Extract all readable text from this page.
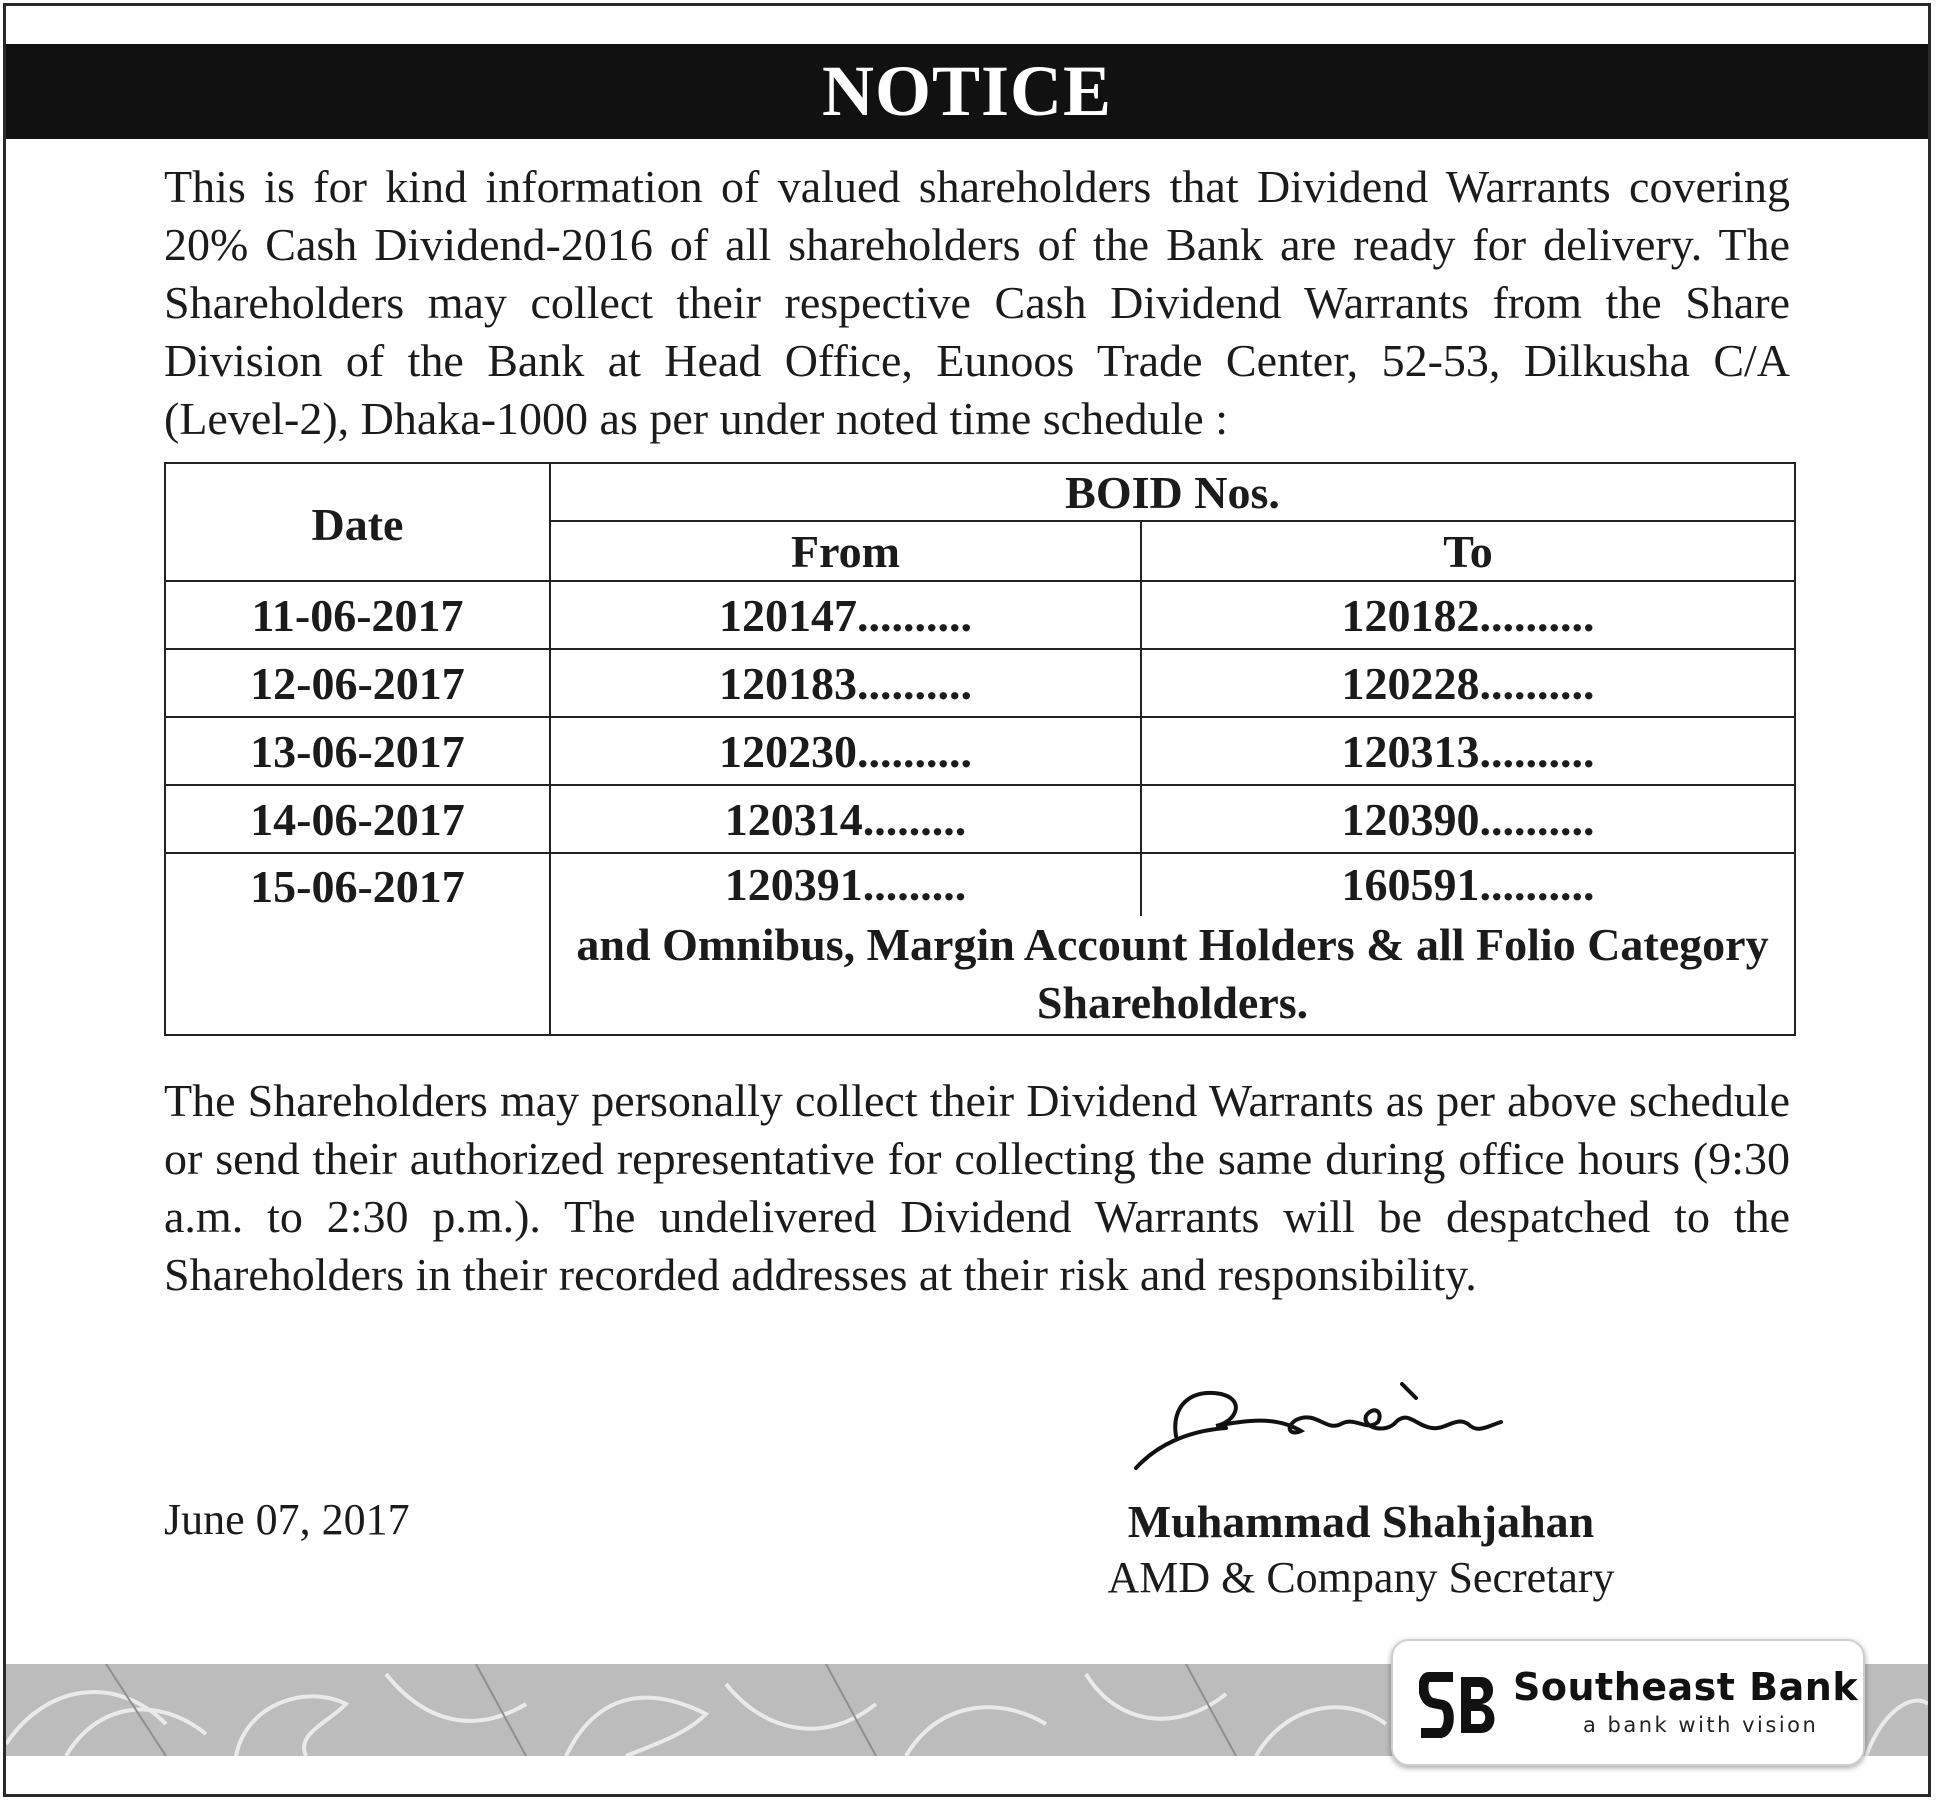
NOTICE

This is for kind information of valued shareholders that Dividend Warrants covering 20% Cash Dividend-2016 of all shareholders of the Bank are ready for delivery. The Shareholders may collect their respective Cash Dividend Warrants from the Share Division of the Bank at Head Office, Eunoos Trade Center, 52-53, Dilkusha C/A (Level-2), Dhaka-1000 as per under noted time schedule :

Date	BOID Nos.	
	From	To
11-06-2017	120147..........	120182..........
12-06-2017	120183..........	120228..........
13-06-2017	120230..........	120313..........
14-06-2017	120314.........	120390..........
15-06-2017	120391.........	160591..........
	and Omnibus, Margin Account Holders & all Folio Category Shareholders.	

The Shareholders may personally collect their Dividend Warrants as per above schedule or send their authorized representative for collecting the same during office hours (9:30 a.m. to 2:30 p.m.). The undelivered Dividend Warrants will be despatched to the Shareholders in their recorded addresses at their risk and responsibility.

June 07, 2017	Muhammad Shahjahan
AMD & Company Secretary
Southeast Bank
a bank with vision
